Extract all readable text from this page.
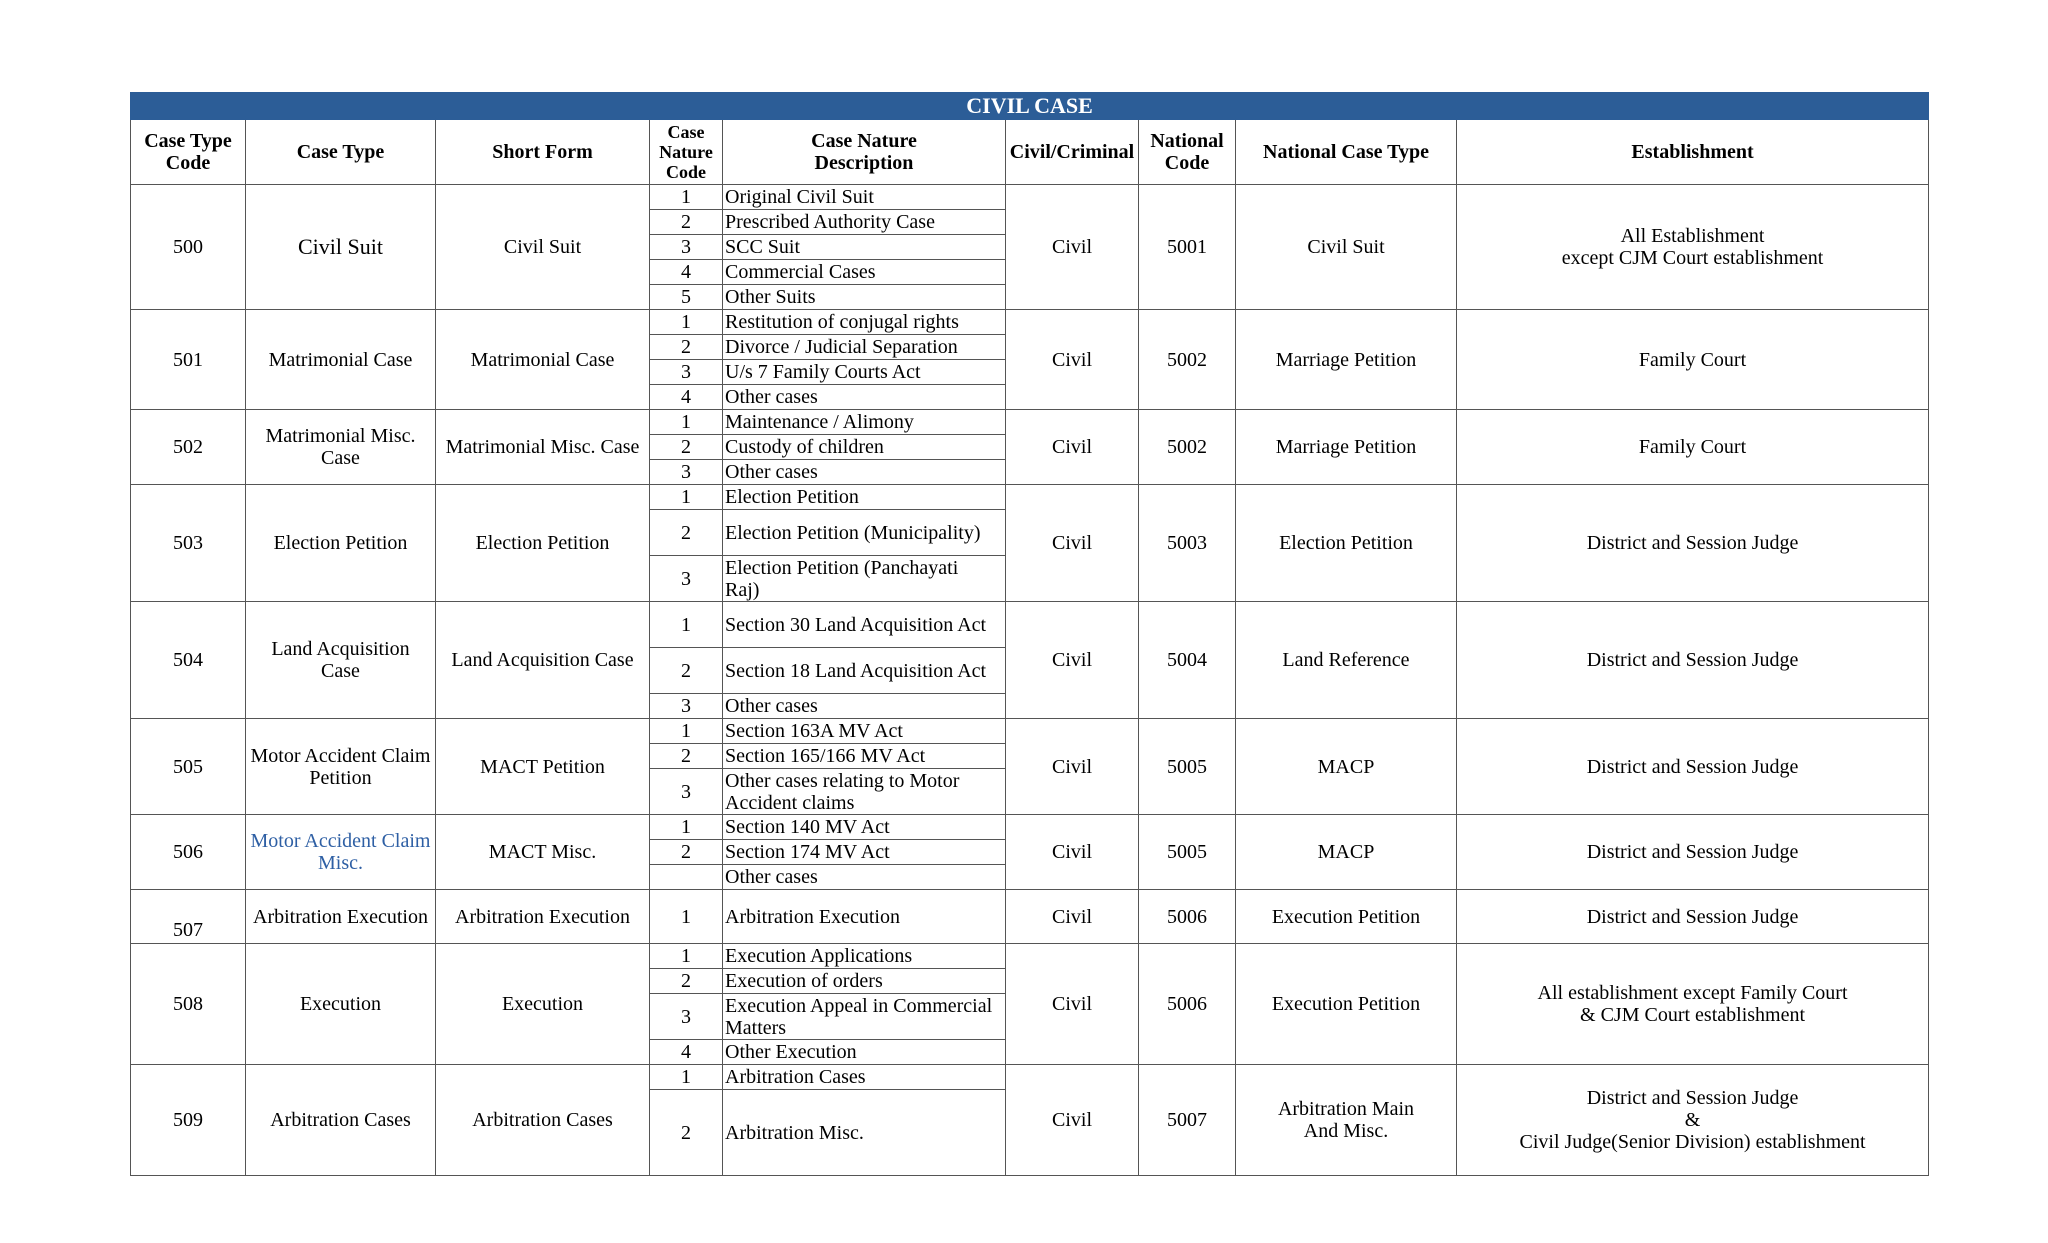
CIVIL CASE								
Case Type
Code	Case Type	Short Form	Case
Nature
Code	Case Nature
Description	Civil/Criminal	National
Code	National Case Type	Establishment
500	Civil Suit	Civil Suit	1	Original Civil Suit	Civil	5001	Civil Suit	All Establishment
except CJM Court establishment
			2	Prescribed Authority Case				
			3	SCC Suit				
			4	Commercial Cases				
			5	Other Suits				
501	Matrimonial Case	Matrimonial Case	1	Restitution of conjugal rights	Civil	5002	Marriage Petition	Family Court
			2	Divorce / Judicial Separation				
			3	U/s 7 Family Courts Act				
			4	Other cases				
502	Matrimonial Misc.
Case	Matrimonial Misc. Case	1	Maintenance / Alimony	Civil	5002	Marriage Petition	Family Court
			2	Custody of children				
			3	Other cases				
503	Election Petition	Election Petition	1	Election Petition	Civil	5003	Election Petition	District and Session Judge
			2	Election Petition (Municipality)				
			3	Election Petition (Panchayati
Raj)				
504	Land Acquisition
Case	Land Acquisition Case	1	Section 30 Land Acquisition Act	Civil	5004	Land Reference	District and Session Judge
			2	Section 18 Land Acquisition Act				
			3	Other cases				
505	Motor Accident Claim
Petition	MACT Petition	1	Section 163A MV Act	Civil	5005	MACP	District and Session Judge
			2	Section 165/166 MV Act				
			3	Other cases relating to Motor
Accident claims				
506	Motor Accident Claim
Misc.	MACT Misc.	1	Section 140 MV Act	Civil	5005	MACP	District and Session Judge
			2	Section 174 MV Act				
				Other cases				
507	Arbitration Execution	Arbitration Execution	1	Arbitration Execution	Civil	5006	Execution Petition	District and Session Judge
508	Execution	Execution	1	Execution Applications	Civil	5006	Execution Petition	All establishment except Family Court
& CJM Court establishment
			2	Execution of orders				
			3	Execution Appeal in Commercial
Matters				
			4	Other Execution				
509	Arbitration Cases	Arbitration Cases	1	Arbitration Cases	Civil	5007	Arbitration Main
And Misc.	District and Session Judge
&
Civil Judge(Senior Division) establishment
			2	Arbitration Misc.				
